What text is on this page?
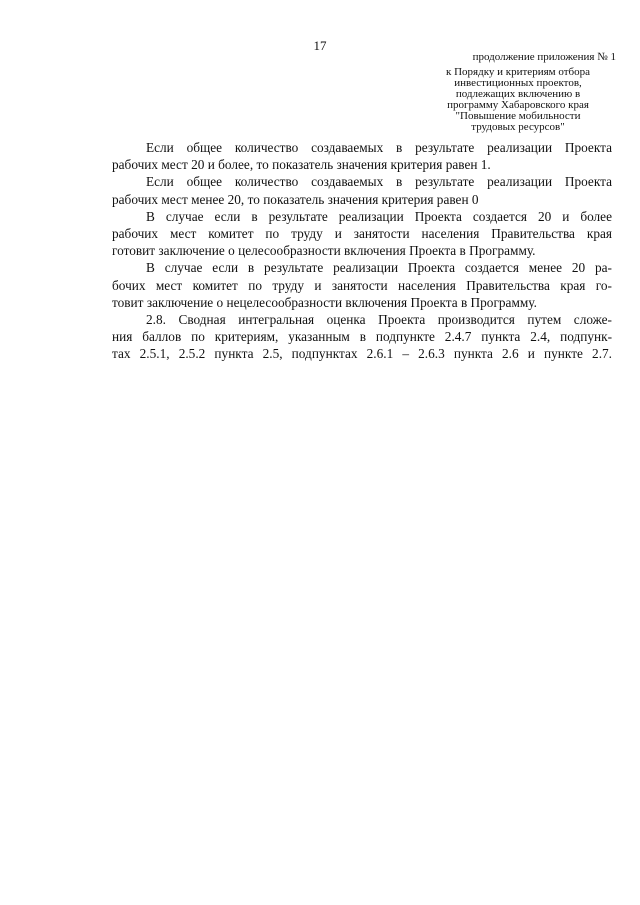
17
продолжение приложения № 1
к Порядку и критериям отбора
инвестиционных проектов,
подлежащих включению в
программу Хабаровского края
"Повышение мобильности
трудовых ресурсов"

Если общее количество создаваемых в результате реализации Проекта
рабочих мест 20 и более, то показатель значения критерия равен 1.

Если общее количество создаваемых в результате реализации Проекта
рабочих мест менее 20, то показатель значения критерия равен 0

В случае если в результате реализации Проекта создается 20 и более
рабочих мест комитет по труду и занятости населения Правительства края
готовит заключение о целесообразности включения Проекта в Программу.

В случае если в результате реализации Проекта создается менее 20 ра-
бочих мест комитет по труду и занятости населения Правительства края го-
товит заключение о нецелесообразности включения Проекта в Программу.

2.8. Сводная интегральная оценка Проекта производится путем сложе-
ния баллов по критериям, указанным в подпункте 2.4.7 пункта 2.4, подпунк-
тах 2.5.1, 2.5.2 пункта 2.5, подпунктах 2.6.1 – 2.6.3 пункта 2.6 и пункте 2.7.
